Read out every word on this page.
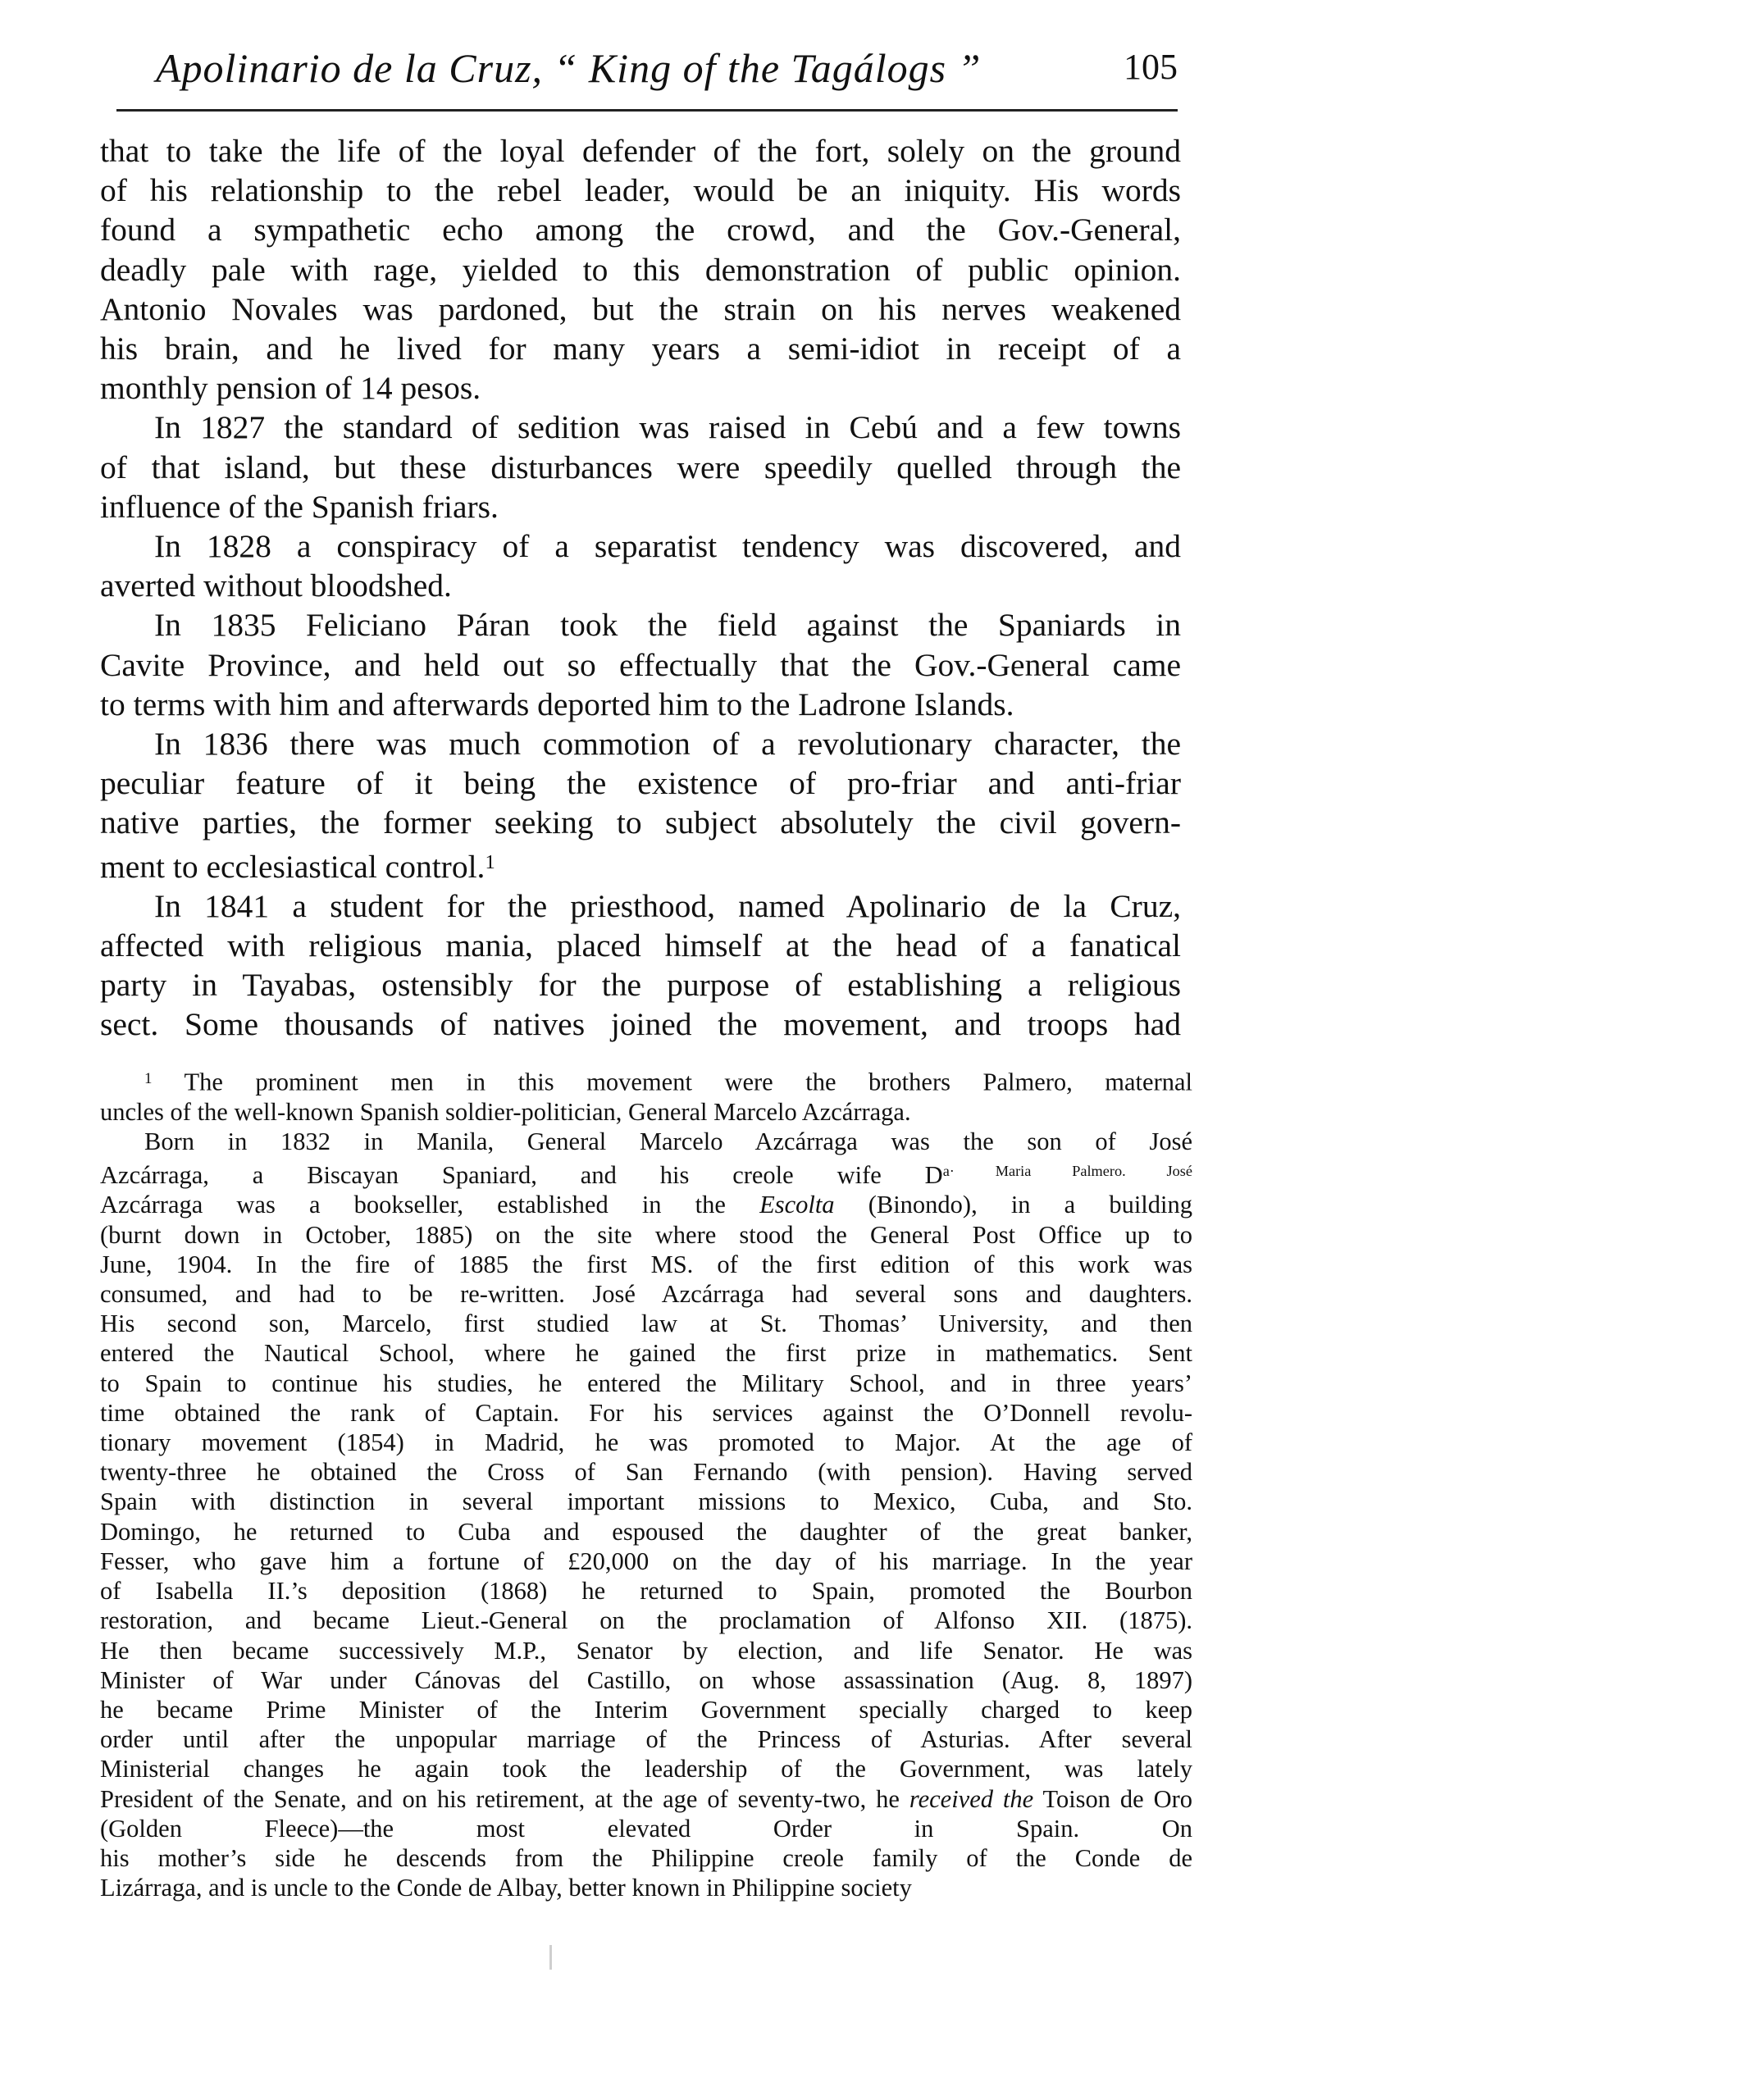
Apolinario de la Cruz, “ King of the Tagálogs ”	105

that to take the life of the loyal defender of the fort, solely on the ground

of his relationship to the rebel leader, would be an iniquity. His words

found a sympathetic echo among the crowd, and the Gov.-General,

deadly pale with rage, yielded to this demonstration of public opinion.

Antonio Novales was pardoned, but the strain on his nerves weakened

his brain, and he lived for many years a semi-idiot in receipt of a

monthly pension of 14 pesos.

In 1827 the standard of sedition was raised in Cebú and a few towns

of that island, but these disturbances were speedily quelled through the

influence of the Spanish friars.

In 1828 a conspiracy of a separatist tendency was discovered, and

averted without bloodshed.

In 1835 Feliciano Páran took the field against the Spaniards in

Cavite Province, and held out so effectually that the Gov.-General came

to terms with him and afterwards deported him to the Ladrone Islands.

In 1836 there was much commotion of a revolutionary character, the

peculiar feature of it being the existence of pro-friar and anti-friar

native parties, the former seeking to subject absolutely the civil govern-

ment to ecclesiastical control.$^1$

In 1841 a student for the priesthood, named Apolinario de la Cruz,

affected with religious mania, placed himself at the head of a fanatical

party in Tayabas, ostensibly for the purpose of establishing a religious

sect. Some thousands of natives joined the movement, and troops had

$^1$ The prominent men in this movement were the brothers Palmero, maternal

uncles of the well-known Spanish soldier-politician, General Marcelo Azcárraga.

Born in 1832 in Manila, General Marcelo Azcárraga was the son of José

Azcárraga, a Biscayan Spaniard, and his creole wife $D^{a\cdot Maria Palmero. José}$

Azcárraga was a bookseller, established in the Escolta (Binondo), in a building

(burnt down in October, 1885) on the site where stood the General Post Office up to

June, 1904. In the fire of 1885 the first MS. of the first edition of this work was

consumed, and had to be re-written. José Azcárraga had several sons and daughters.

His second son, Marcelo, first studied law at St. Thomas’ University, and then

entered the Nautical School, where he gained the first prize in mathematics. Sent

to Spain to continue his studies, he entered the Military School, and in three years’

time obtained the rank of Captain. For his services against the O’Donnell revolu-

tionary movement (1854) in Madrid, he was promoted to Major. At the age of

twenty-three he obtained the Cross of San Fernando (with pension). Having served

Spain with distinction in several important missions to Mexico, Cuba, and Sto.

Domingo, he returned to Cuba and espoused the daughter of the great banker,

Fesser, who gave him a fortune of £20,000 on the day of his marriage. In the year

of Isabella II.’s deposition (1868) he returned to Spain, promoted the Bourbon

restoration, and became Lieut.-General on the proclamation of Alfonso XII. (1875).

He then became successively M.P., Senator by election, and life Senator. He was

Minister of War under Cánovas del Castillo, on whose assassination (Aug. 8, 1897)

he became Prime Minister of the Interim Government specially charged to keep

order until after the unpopular marriage of the Princess of Asturias. After several

Ministerial changes he again took the leadership of the Government, was lately

President of the Senate, and on his retirement, at the age of seventy-two, he received the Toison de Oro

(Golden Fleece)—the most elevated Order in Spain. On

his mother’s side he descends from the Philippine creole family of the Conde de

Lizárraga, and is uncle to the Conde de Albay, better known in Philippine society
